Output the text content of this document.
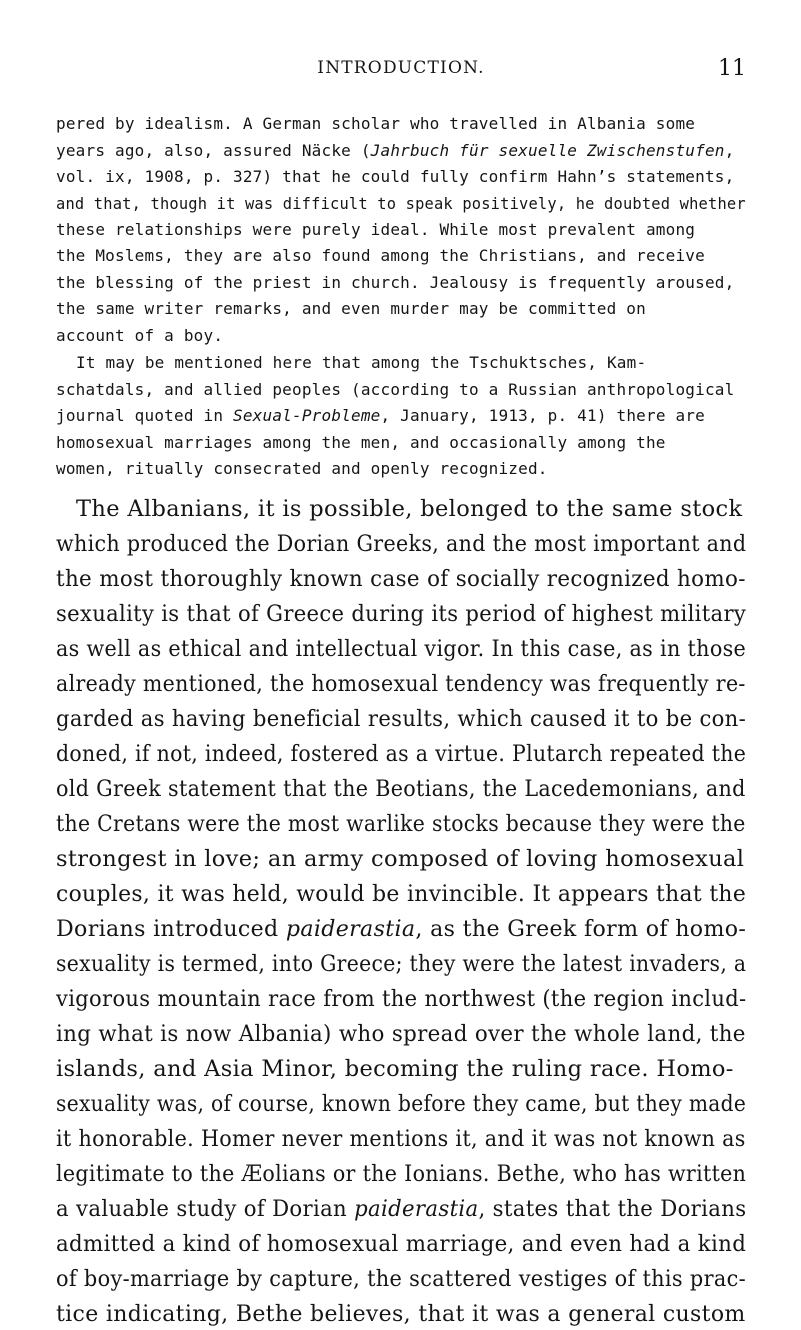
INTRODUCTION.	11
pered by idealism. A German scholar who travelled in Albania some
years ago, also, assured Näcke (Jahrbuch für sexuelle Zwischenstufen,
vol. ix, 1908, p. 327) that he could fully confirm Hahn’s statements,
and that, though it was difficult to speak positively, he doubted whether
these relationships were purely ideal. While most prevalent among
the Moslems, they are also found among the Christians, and receive
the blessing of the priest in church. Jealousy is frequently aroused,
the same writer remarks, and even murder may be committed on
account of a boy.
It may be mentioned here that among the Tschuktsches, Kam-
schatdals, and allied peoples (according to a Russian anthropological
journal quoted in Sexual-Probleme, January, 1913, p. 41) there are
homosexual marriages among the men, and occasionally among the
women, ritually consecrated and openly recognized.
The Albanians, it is possible, belonged to the same stock
which produced the Dorian Greeks, and the most important and
the most thoroughly known case of socially recognized homo-
sexuality is that of Greece during its period of highest military
as well as ethical and intellectual vigor. In this case, as in those
already mentioned, the homosexual tendency was frequently re-
garded as having beneficial results, which caused it to be con-
doned, if not, indeed, fostered as a virtue. Plutarch repeated the
old Greek statement that the Beotians, the Lacedemonians, and
the Cretans were the most warlike stocks because they were the
strongest in love; an army composed of loving homosexual
couples, it was held, would be invincible. It appears that the
Dorians introduced paiderastia, as the Greek form of homo-
sexuality is termed, into Greece; they were the latest invaders, a
vigorous mountain race from the northwest (the region includ-
ing what is now Albania) who spread over the whole land, the
islands, and Asia Minor, becoming the ruling race. Homo-
sexuality was, of course, known before they came, but they made
it honorable. Homer never mentions it, and it was not known as
legitimate to the Æolians or the Ionians. Bethe, who has written
a valuable study of Dorian paiderastia, states that the Dorians
admitted a kind of homosexual marriage, and even had a kind
of boy-marriage by capture, the scattered vestiges of this prac-
tice indicating, Bethe believes, that it was a general custom
